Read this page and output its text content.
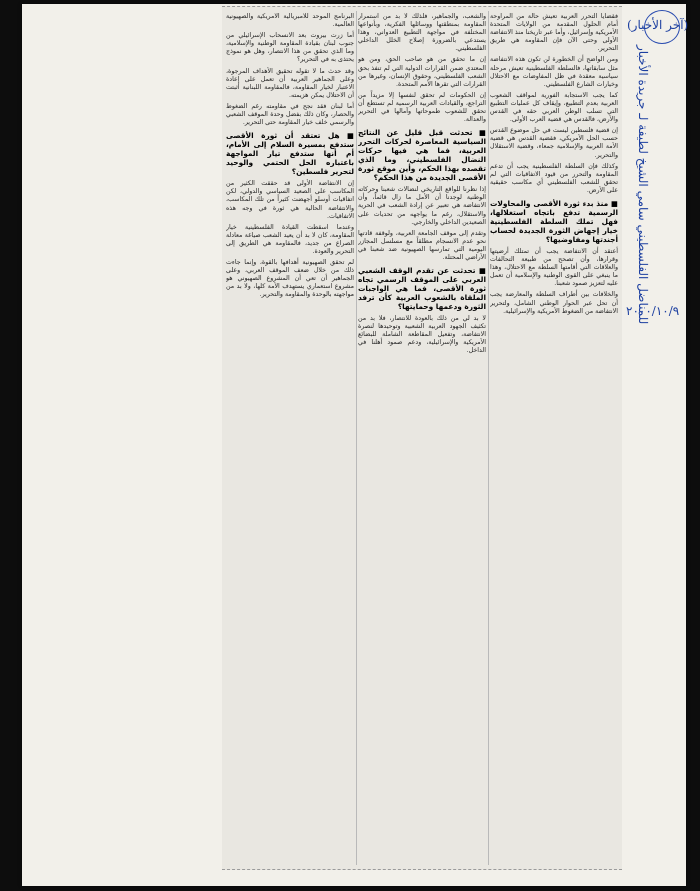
فقضايا التحرر العربية تعيش حالة من المراوحة أمام الحلول المقدمة من الولايات المتحدة الأمريكية وإسرائيل، وأما عبر تاريخنا منذ الانتفاضة الأولى وحتى الآن فإن المقاومة هي طريق التحرير.

ومن الواضح أن الخطورة لن تكون هذه الانتفاضة مثل سابقاتها، فالسلطة الفلسطينية تعيش مرحلة سياسية معقدة في ظل المفاوضات مع الاحتلال وخيارات الشارع الفلسطيني.

كما يجب الاستجابة الفورية لمواقف الشعوب العربية بعدم التطبيع، وإيقاف كل عمليات التطبيع التي تسلب الوطن العربي حقه في القدس والأرض، فالقدس هي قضية العرب الأولى.

إن قضية فلسطين ليست في حل موضوع القدس حسب الحل الأمريكي، فقضية القدس هي قضية الأمة العربية والإسلامية جمعاء، وقضية الاستقلال والتحرير.

وكذلك فإن السلطة الفلسطينية يجب أن تدعم المقاومة والتحرر من قيود الاتفاقيات التي لم تحقق للشعب الفلسطيني أي مكاسب حقيقية على الأرض.

■ منذ بدء ثورة الأقصى والمحاولات الرسمية تدفع باتجاه استغلالها، فهل تملك السلطة الفلسطينية خيار إجهاض الثورة الجديدة لحساب أجندتها ومفاوضيها؟

أعتقد أن الانتفاضة يجب أن تمتلك أرضيتها وقرارها، وأن تصحح من طبيعة التحالفات والعلاقات التي أقامتها السلطة مع الاحتلال، وهذا ما ينبغي على القوى الوطنية والإسلامية أن تعمل عليه لتعزيز صمود شعبنا.

والخلافات بين أطراف السلطة والمعارضة يجب أن تحل عبر الحوار الوطني الشامل، ولتحرير الانتفاضة من الضغوط الأمريكية والإسرائيلية.

والشعب، والجماهير، فلذلك لا بد من استمرار المقاومة بمنطقتها ووسائلها الفكرية، وبأنواعها المختلفة في مواجهة التطبيع العدواني، وهذا يستدعي بالضرورة إصلاح الخلل الداخلي الفلسطيني.

إن ما تحقق من هو صاحب الحق، ومن هو المعتدي ضمن القرارات الدولية التي لم تنفذ بحق الشعب الفلسطيني، وحقوق الإنسان، وغيرها من القرارات التي تقرها الأمم المتحدة.

إن الحكومات لم تحقق لنفسها إلا مزيداً من التراجع، والقيادات العربية الرسمية لم تستطع أن تحقق للشعوب طموحاتها وآمالها في التحرير والعدالة.

■ تحدثت قبل قليل عن النتائج السياسية المعاصرة لحركات التحرر العربية، فما هي فيها حركات النضال الفلسطيني، وما الذي تقصده بهذا الحكم، وأين موقع ثورة الأقصى الجديدة من هذا الحكم؟

إذا نظرنا للواقع التاريخي لنضالات شعبنا وحركاته الوطنية لوجدنا أن الأمل ما زال قائماً، وأن الانتفاضة هي تعبير عن إرادة الشعب في الحرية والاستقلال، رغم ما يواجهه من تحديات على الصعيدين الداخلي والخارجي.

وتقدم إلى موقف الجامعة العربية، ولوقفة قادتها نحو عدم الانسجام مطلقاً مع مسلسل المجازر اليومية التي تمارسها الصهيونية ضد شعبنا في الأراضي المحتلة.

■ تحدثت عن تقدم الوقف الشعبي العربي على الموقف الرسمي تجاه ثورة الأقصى، فما هي الواجبات الملقاة بالشعوب العربية كأن ترفد الثورة ودعمها وحمايتها؟

لا بد لي من ذلك بالعودة للانتصار، فلا بد من تكثيف الجهود العربية الشعبية وتوحيدها لنصرة الانتفاضة، وتفعيل المقاطعة الشاملة للبضائع الأمريكية والإسرائيلية، ودعم صمود أهلنا في الداخل.

البرنامج الموحد للامبريالية الأمريكية والصهيونية العالمية.

أما زرت بيروت بعد الانسحاب الإسرائيلي من جنوب لبنان بقيادة المقاومة الوطنية والإسلامية، وما الذي تحقق من هذا الانتصار، وهل هو نموذج يحتذى به في التحرير؟

وقد حدث ما لا تقوله تحقيق الأهداف المرجوة، وعلى الجماهير العربية أن تعمل على إعادة الاعتبار لخيار المقاومة، فالمقاومة اللبنانية أثبتت أن الاحتلال يمكن هزيمته.

أما لبنان فقد نجح في مقاومته رغم الضغوط والحصار، وكان ذلك بفضل وحدة الموقف الشعبي والرسمي خلف خيار المقاومة حتى التحرير.

■ هل تعتقد أن ثورة الأقصى ستدفع بمسيرة السلام إلى الأمام، أم أنها ستدفع تيار المواجهة باعتباره الحل الحتمي والوحيد لتحرير فلسطين؟

إن الانتفاضة الأولى قد حققت الكثير من المكاسب على الصعيد السياسي والدولي، لكن اتفاقيات أوسلو أجهضت كثيراً من تلك المكاسب، والانتفاضة الحالية هي ثورة في وجه هذه الاتفاقيات.

وعندما اسقطت القيادة الفلسطينية خيار المقاومة، كان لا بد أن يعيد الشعب صياغة معادلة الصراع من جديد، فالمقاومة هي الطريق إلى التحرير والعودة.

لم تحقق الصهيونية أهدافها بالقوة، وإنما جاءت ذلك من خلال ضعف الموقف العربي، وعلى الجماهير أن تعي أن المشروع الصهيوني هو مشروع استعماري يستهدف الأمة كلها، ولا بد من مواجهته بالوحدة والمقاومة والتحرير.

(آخر الأخبار)
للمناضل الفلسطيني سامي الشيخ لطيفة لـ جريدة الأخبار
٢٠٠٠/١٠/٩
